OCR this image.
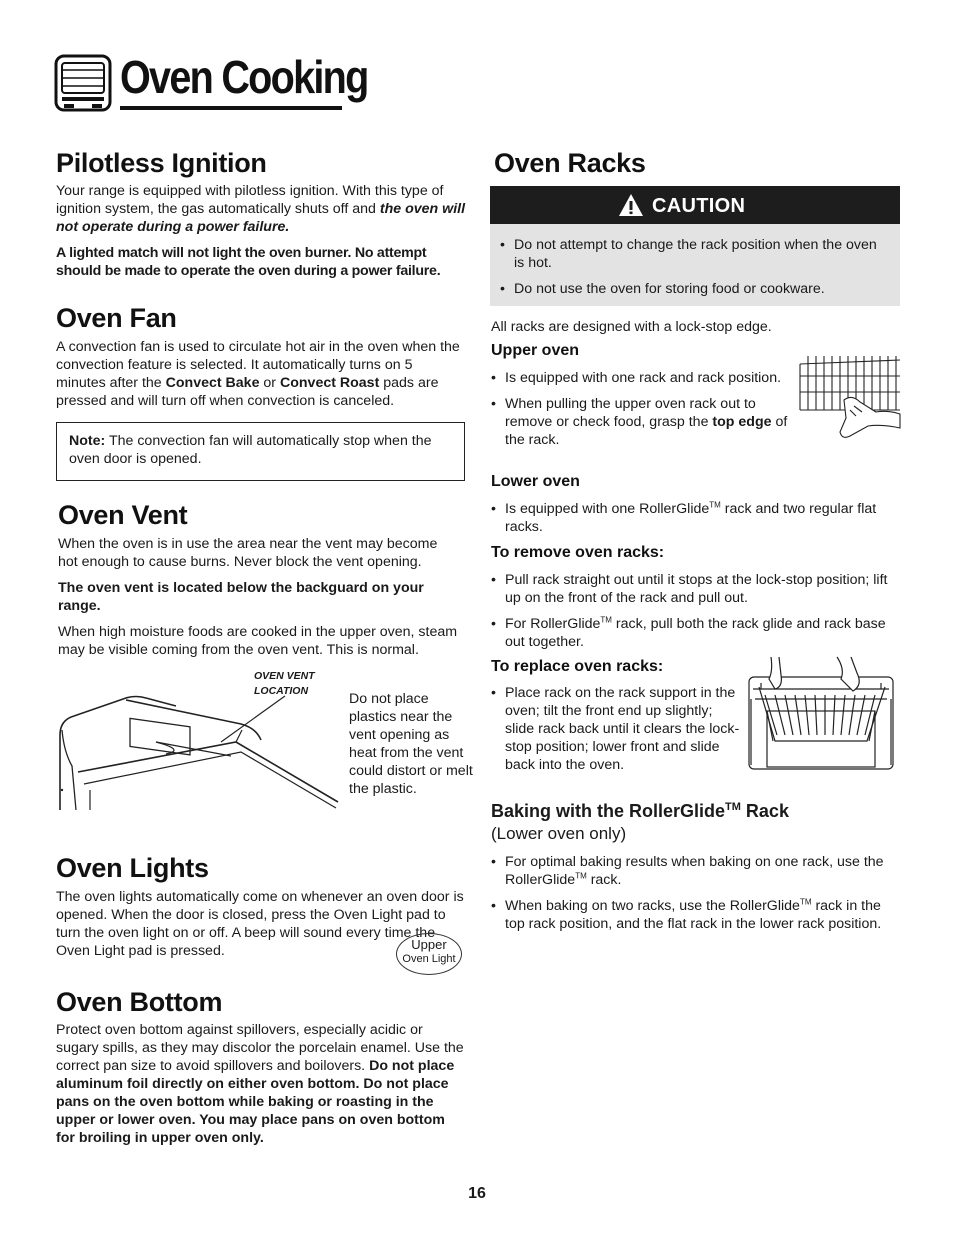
Oven Cooking
Pilotless Ignition

Your range is equipped with pilotless ignition. With this type of ignition system, the gas automatically shuts off and the oven will not operate during a power failure.

A lighted match will not light the oven burner. No attempt should be made to operate the oven during a power failure.

Oven Fan

A convection fan is used to circulate hot air in the oven when the convection feature is selected. It automatically turns on 5 minutes after the Convect Bake or Convect Roast pads are pressed and will turn off when convection is canceled.

Note: The convection fan will automatically stop when the oven door is opened.
Oven Vent

When the oven is in use the area near the vent may become hot enough to cause burns. Never block the vent opening.

The oven vent is located below the backguard on your range.

When high moisture foods are cooked in the upper oven, steam may be visible coming from the oven vent. This is normal.

OVEN VENT
LOCATION	Do not place plastics near the vent opening as heat from the vent could distort or melt the plastic.
Oven Lights

The oven lights automatically come on whenever an oven door is opened. When the door is closed, press the Oven Light pad to turn the oven light on or off. A beep will sound every time the Oven Light pad is pressed.	Upper
Oven Light
Oven Bottom

Protect oven bottom against spillovers, especially acidic or sugary spills, as they may discolor the porcelain enamel. Use the correct pan size to avoid spillovers and boilovers. Do not place aluminum foil directly on either oven bottom. Do not place pans on the oven bottom while baking or roasting in the upper or lower oven. You may place pans on oven bottom for broiling in upper oven only.

Oven Racks
CAUTION
• Do not attempt to change the rack position when the oven is hot.
• Do not use the oven for storing food or cookware.
All racks are designed with a lock-stop edge.
Upper oven
• Is equipped with one rack and rack position.
• When pulling the upper oven rack out to remove or check food, grasp the top edge of the rack.
Lower oven
• Is equipped with one RollerGlide™ rack and two regular flat racks.
To remove oven racks:
• Pull rack straight out until it stops at the lock-stop position; lift up on the front of the rack and pull out.
• For RollerGlide™ rack, pull both the rack glide and rack base out together.
To replace oven racks:
• Place rack on the rack support in the oven; tilt the front end up slightly; slide rack back until it clears the lock-stop position; lower front and slide back into the oven.
Baking with the RollerGlide™ Rack
(Lower oven only)
• For optimal baking results when baking on one rack, use the RollerGlide™ rack.
• When baking on two racks, use the RollerGlide™ rack in the top rack position, and the flat rack in the lower rack position.
16
